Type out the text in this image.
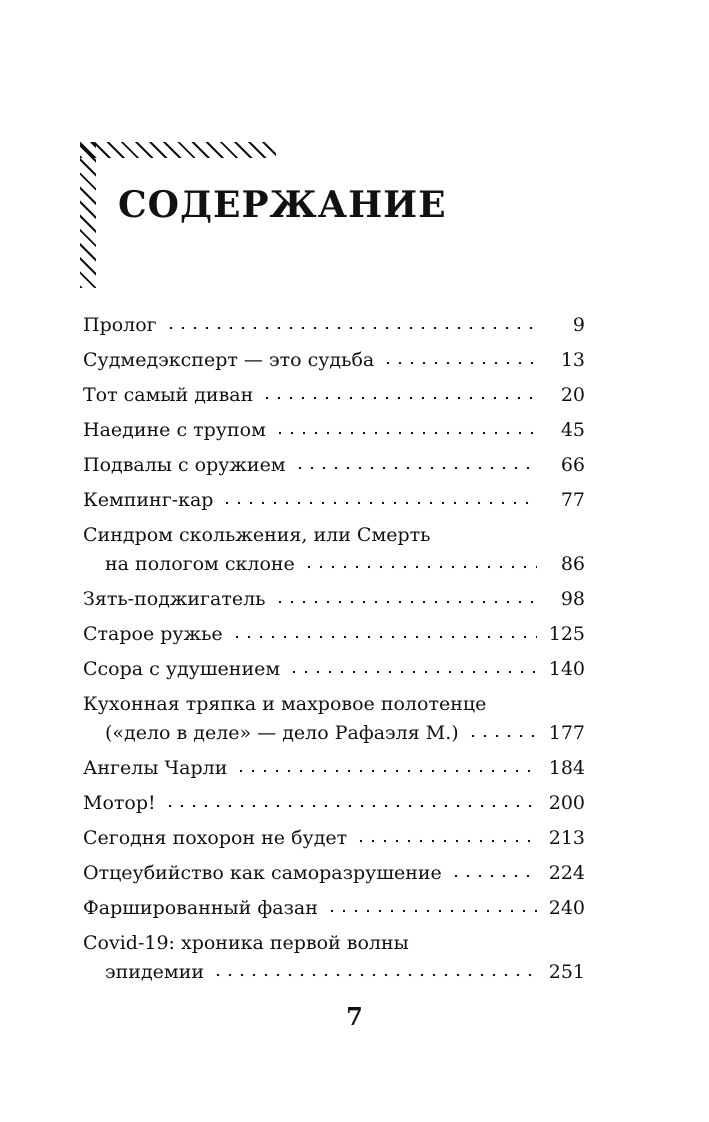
СОДЕРЖАНИЕ
Пролог	9
Судмедэксперт — это судьба	13
Тот самый диван	20
Наедине с трупом	45
Подвалы с оружием	66
Кемпинг-кар	77
Синдром скольжения, или Смерть
на пологом склоне	86
Зять-поджигатель	98
Старое ружье	125
Ссора с удушением	140
Кухонная тряпка и махровое полотенце
(«дело в деле» — дело Рафаэля М.)	177
Ангелы Чарли	184
Мотор!	200
Сегодня похорон не будет	213
Отцеубийство как саморазрушение	224
Фаршированный фазан	240
Covid-19: хроника первой волны
эпидемии	251
7
